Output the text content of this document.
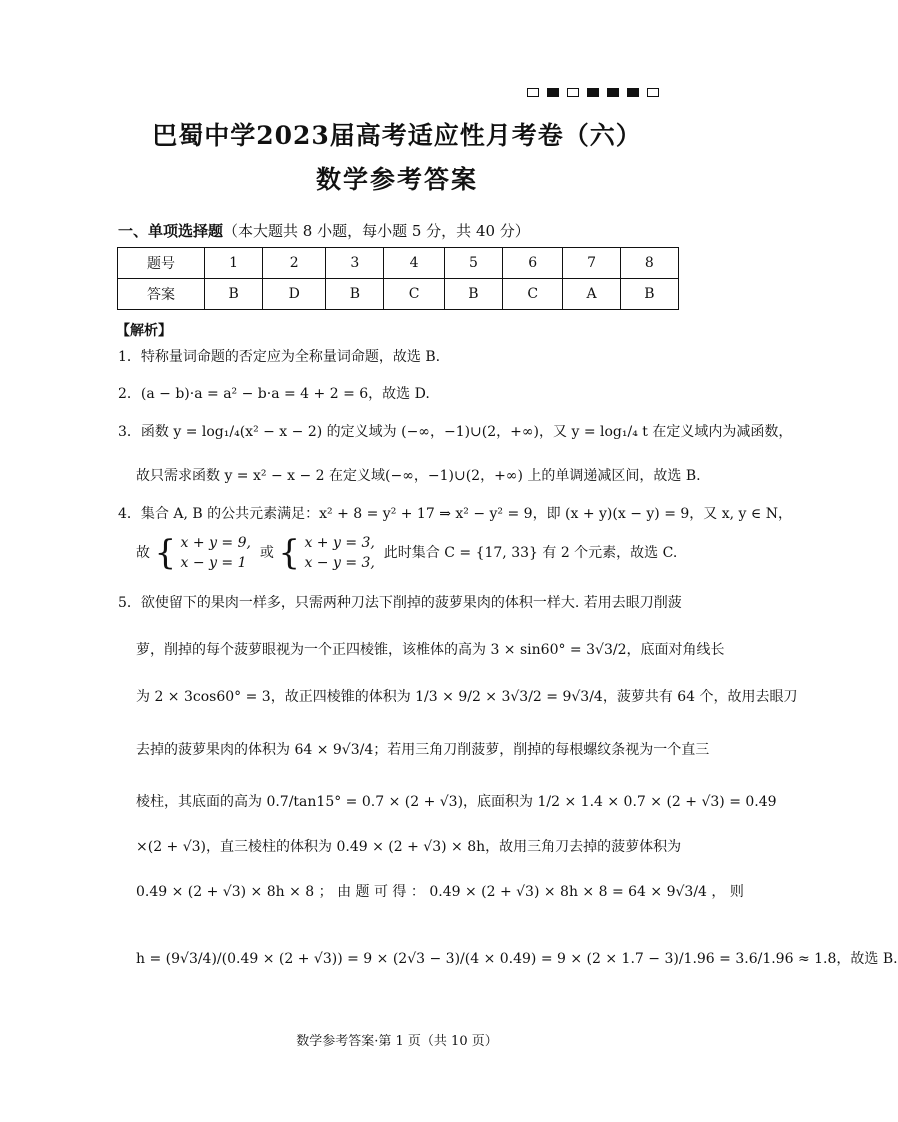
巴蜀中学2023届高考适应性月考卷（六）
数学参考答案
一、单项选择题（本大题共 8 小题，每小题 5 分，共 40 分）
题号	1	2	3	4	5	6	7	8
答案	B	D	B	C	B	C	A	B
【解析】
1．特称量词命题的否定应为全称量词命题，故选 B.
2．(a − b)·a = a² − b·a = 4 + 2 = 6，故选 D.
3．函数 y = log₁/₄(x² − x − 2) 的定义域为 (−∞，−1)∪(2，+∞)，又 y = log₁/₄ t 在定义域内为减函数，
故只需求函数 y = x² − x − 2 在定义域(−∞，−1)∪(2，+∞) 上的单调递减区间，故选 B.
4．集合 A, B 的公共元素满足：x² + 8 = y² + 17 ⇒ x² − y² = 9，即 (x + y)(x − y) = 9，又 x, y ∈ N，
故 { x + y = 9,
x − y = 1  或 { x + y = 3,
x − y = 3,  此时集合 C = {17, 33} 有 2 个元素，故选 C.
5．欲使留下的果肉一样多，只需两种刀法下削掉的菠萝果肉的体积一样大. 若用去眼刀削菠
萝，削掉的每个菠萝眼视为一个正四棱锥，该椎体的高为 3 × sin60° = 3√3/2，底面对角线长
为 2 × 3cos60° = 3，故正四棱锥的体积为 1/3 × 9/2 × 3√3/2 = 9√3/4，菠萝共有 64 个，故用去眼刀
去掉的菠萝果肉的体积为 64 × 9√3/4；若用三角刀削菠萝，削掉的每根螺纹条视为一个直三
棱柱，其底面的高为 0.7/tan15° = 0.7 × (2 + √3)，底面积为 1/2 × 1.4 × 0.7 × (2 + √3) = 0.49
×(2 + √3)，直三棱柱的体积为 0.49 × (2 + √3) × 8h，故用三角刀去掉的菠萝体积为
0.49 × (2 + √3) × 8h × 8 ； 由 题 可 得 ： 0.49 × (2 + √3) × 8h × 8 = 64 × 9√3/4 ， 则
h = (9√3/4)/(0.49 × (2 + √3)) = 9 × (2√3 − 3)/(4 × 0.49) = 9 × (2 × 1.7 − 3)/1.96 = 3.6/1.96 ≈ 1.8，故选 B.
数学参考答案·第 1 页（共 10 页）
